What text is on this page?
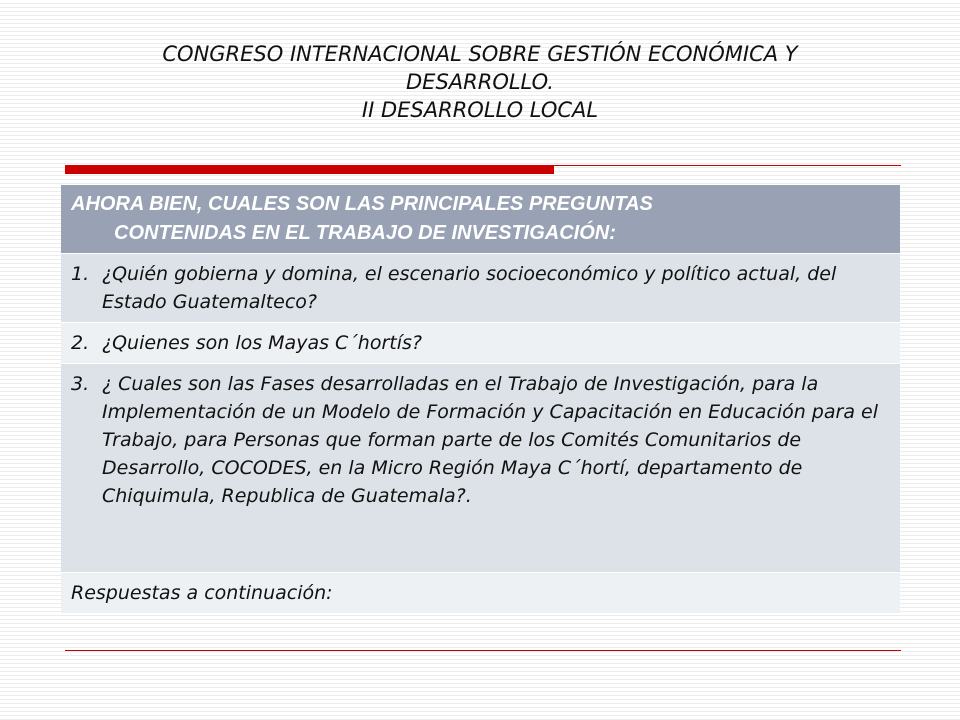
CONGRESO INTERNACIONAL SOBRE GESTIÓN ECONÓMICA Y
DESARROLLO.
II DESARROLLO LOCAL
AHORA BIEN, CUALES SON LAS PRINCIPALES PREGUNTAS
CONTENIDAS EN EL TRABAJO DE INVESTIGACIÓN:

1. ¿Quién gobierna y domina, el escenario socioeconómico y político actual, del Estado Guatemalteco?

2. ¿Quienes son los Mayas C´hortís?

3. ¿ Cuales son las Fases desarrolladas en el Trabajo de Investigación, para la Implementación de un Modelo de Formación y Capacitación en Educación para el Trabajo, para Personas que forman parte de los Comités Comunitarios de Desarrollo, COCODES, en la Micro Región Maya C´hortí, departamento de Chiquimula, Republica de Guatemala?.

Respuestas a continuación:
